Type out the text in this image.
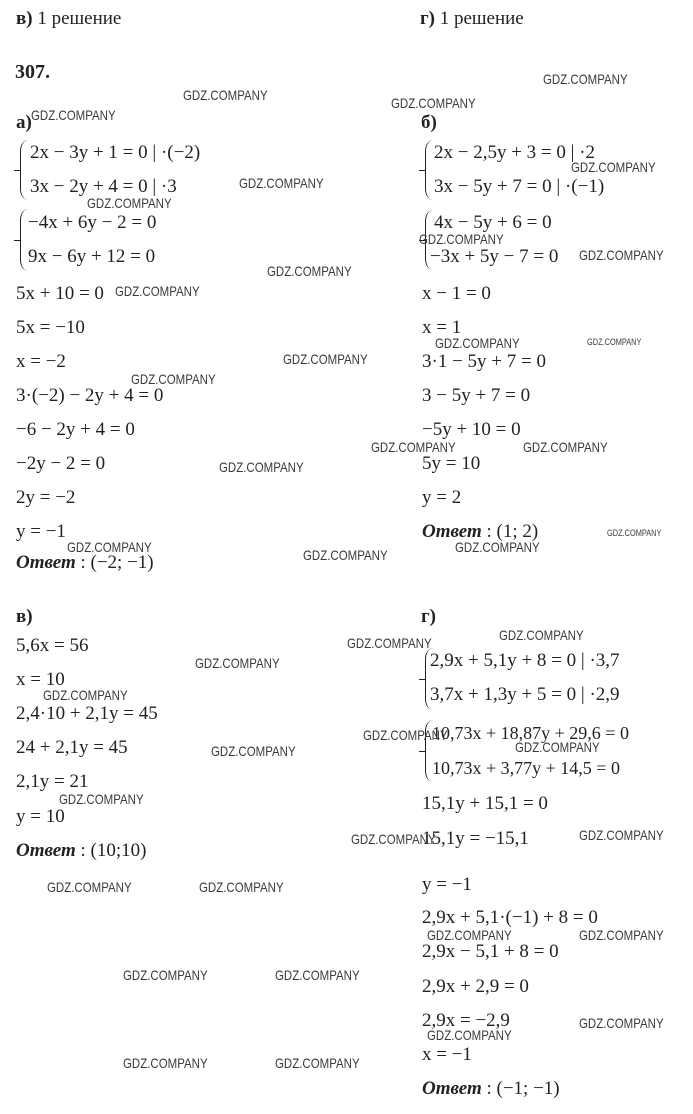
в) 1 решение	г) 1 решение
307.
а)
2x − 3y + 1 = 0 | ·(−2)
3x − 2y + 4 = 0 | ·3
−4x + 6y − 2 = 0
9x − 6y + 12 = 0
5x + 10 = 0
5x = −10
x = −2
3·(−2) − 2y + 4 = 0
−6 − 2y + 4 = 0
−2y − 2 = 0
2y = −2
y = −1
Ответ : (−2; −1)
б)
2x − 2,5y + 3 = 0 | ·2
3x − 5y + 7 = 0 | ·(−1)
4x − 5y + 6 = 0
−3x + 5y − 7 = 0
x − 1 = 0
x = 1
3·1 − 5y + 7 = 0
3 − 5y + 7 = 0
−5y + 10 = 0
5y = 10
y = 2
Ответ : (1; 2)
в)
5,6x = 56
x = 10
2,4·10 + 2,1y = 45
24 + 2,1y = 45
2,1y = 21
y = 10
Ответ : (10;10)
г)
2,9x + 5,1y + 8 = 0 | ·3,7
3,7x + 1,3y + 5 = 0 | ·2,9
10,73x + 18,87y + 29,6 = 0
10,73x + 3,77y + 14,5 = 0
15,1y + 15,1 = 0
15,1y = −15,1
y = −1
2,9x + 5,1·(−1) + 8 = 0
2,9x − 5,1 + 8 = 0
2,9x + 2,9 = 0
2,9x = −2,9
x = −1
Ответ : (−1; −1)
GDZ.COMPANY
GDZ.COMPANY	GDZ.COMPANY
GDZ.COMPANY
GDZ.COMPANY
GDZ.COMPANY
GDZ.COMPANY
GDZ.COMPANY
GDZ.COMPANY
GDZ.COMPANY
GDZ.COMPANY
GDZ.COMPANY	GDZ.COMPANY
GDZ.COMPANY
GDZ.COMPANY
GDZ.COMPANY	GDZ.COMPANY
GDZ.COMPANY
GDZ.COMPANY
GDZ.COMPANY
GDZ.COMPANY	GDZ.COMPANY
GDZ.COMPANY
GDZ.COMPANY
GDZ.COMPANY
GDZ.COMPANY
GDZ.COMPANY
GDZ.COMPANY
GDZ.COMPANY
GDZ.COMPANY
GDZ.COMPANY
GDZ.COMPANY
GDZ.COMPANY	GDZ.COMPANY
GDZ.COMPANY	GDZ.COMPANY
GDZ.COMPANY	GDZ.COMPANY
GDZ.COMPANY
GDZ.COMPANY
GDZ.COMPANY	GDZ.COMPANY
